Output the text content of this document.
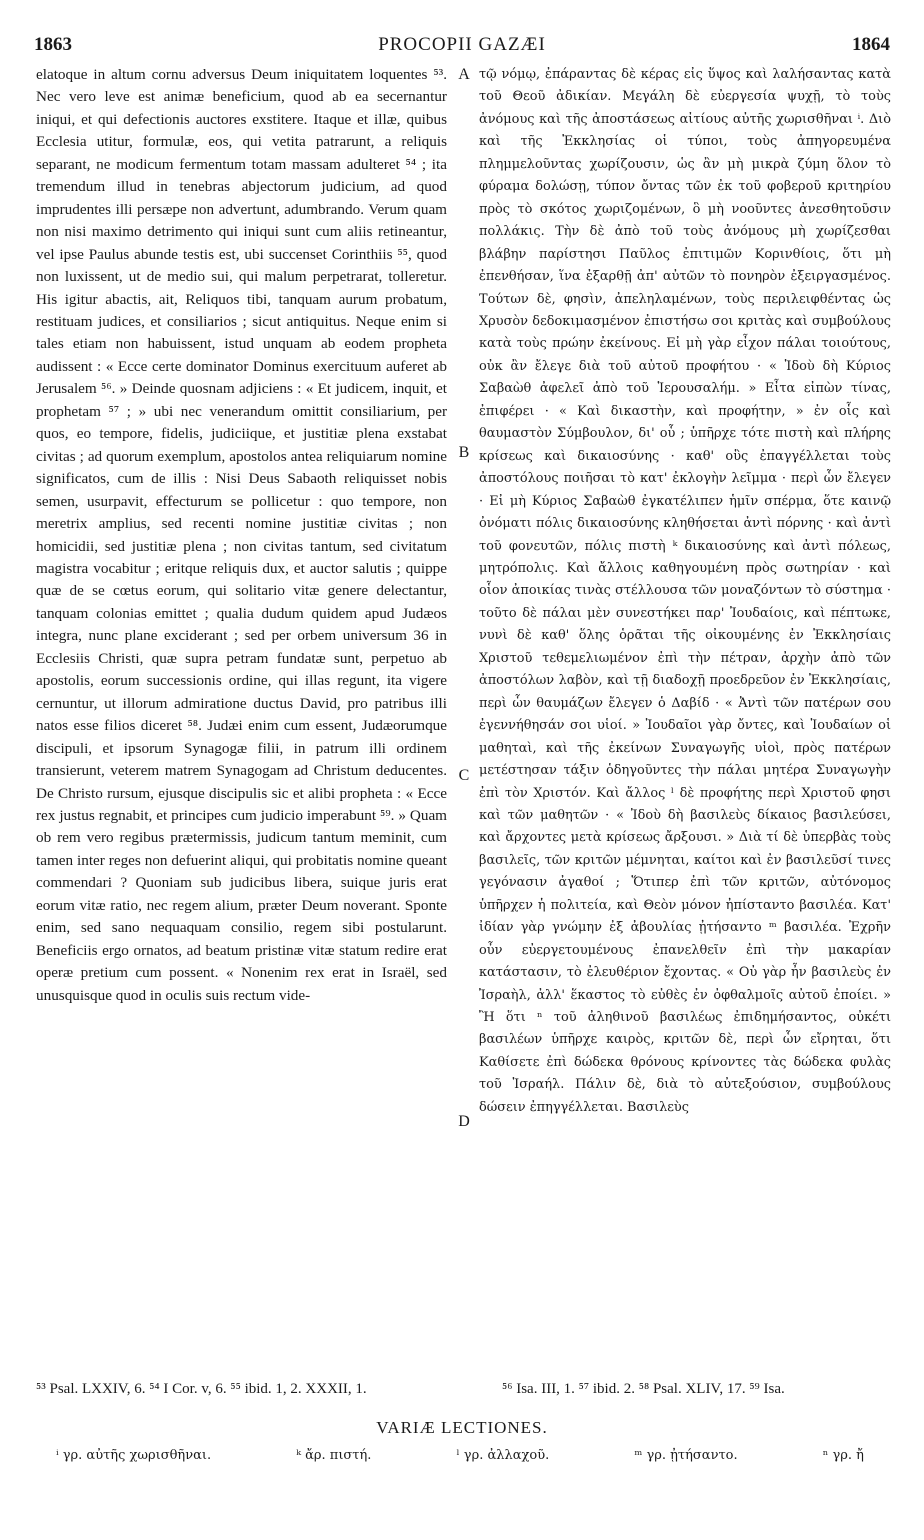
1863	PROCOPII GAZÆI	1864

elatoque in altum cornu adversus Deum iniquitatem loquentes ⁵³. Nec vero leve est animæ beneficium, quod ab ea secernantur iniqui, et qui defectionis auctores exstitere. Itaque et illæ, quibus Ecclesia utitur, formulæ, eos, qui vetita patrarunt, a reliquis separant, ne modicum fermentum totam massam adulteret ⁵⁴ ; ita tremendum illud in tenebras abjectorum judicium, ad quod imprudentes illi persæpe non advertunt, adumbrando. Verum quam non nisi maximo detrimento qui iniqui sunt cum aliis retineantur, vel ipse Paulus abunde testis est, ubi succenset Corinthiis ⁵⁵, quod non luxissent, ut de medio sui, qui malum perpetrarat, tolleretur. His igitur abactis, ait, Reliquos tibi, tanquam aurum probatum, restituam judices, et consiliarios ; sicut antiquitus. Neque enim si tales etiam non habuissent, istud unquam ab eodem propheta audissent : « Ecce certe dominator Dominus exercituum auferet ab Jerusalem ⁵⁶. » Deinde quosnam adjiciens : « Et judicem, inquit, et prophetam ⁵⁷ ; » ubi nec venerandum omittit consiliarium, per quos, eo tempore, fidelis, judiciique, et justitiæ plena exstabat civitas ; ad quorum exemplum, apostolos antea reliquiarum nomine significatos, cum de illis : Nisi Deus Sabaoth reliquisset nobis semen, usurpavit, effecturum se pollicetur : quo tempore, non meretrix amplius, sed recenti nomine justitiæ civitas ; non homicidii, sed justitiæ plena ; non civitas tantum, sed civitatum magistra vocabitur ; eritque reliquis dux, et auctor salutis ; quippe quæ de se cœtus eorum, qui solitario vitæ genere delectantur, tanquam colonias emittet ; qualia dudum quidem apud Judæos integra, nunc plane exciderant ; sed per orbem universum 36 in Ecclesiis Christi, quæ supra petram fundatæ sunt, perpetuo ab apostolis, eorum successionis ordine, qui illas regunt, ita vigere cernuntur, ut illorum admiratione ductus David, pro patribus illi natos esse filios diceret ⁵⁸. Judæi enim cum essent, Judæorumque discipuli, et ipsorum Synagogæ filii, in patrum illi ordinem transierunt, veterem matrem Synagogam ad Christum deducentes. De Christo rursum, ejusque discipulis sic et alibi propheta : « Ecce rex justus regnabit, et principes cum judicio imperabunt ⁵⁹. » Quam ob rem vero regibus prætermissis, judicum tantum meminit, cum tamen inter reges non defuerint aliqui, qui probitatis nomine queant commendari ? Quoniam sub judicibus libera, suique juris erat eorum vitæ ratio, nec regem alium, præter Deum noverant. Sponte enim, sed sano nequaquam consilio, regem sibi postularunt. Beneficiis ergo ornatos, ad beatum pristinæ vitæ statum redire erat operæ pretium cum possent. « Nonenim rex erat in Israël, sed unusquisque quod in oculis suis rectum vide-

A
B
C
D

τῷ νόμῳ, ἐπάραντας δὲ κέρας εἰς ὕψος καὶ λαλήσαντας κατὰ τοῦ Θεοῦ ἀδικίαν. Μεγάλη δὲ εὐεργεσία ψυχῇ, τὸ τοὺς ἀνόμους καὶ τῆς ἀποστάσεως αἰτίους αὐτῆς χωρισθῆναι ⁱ. Διὸ καὶ τῆς Ἐκκλησίας οἱ τύποι, τοὺς ἀπηγορευμένα πλημμελοῦντας χωρίζουσιν, ὡς ἂν μὴ μικρὰ ζύμη ὅλον τὸ φύραμα δολώσῃ, τύπον ὄντας τῶν ἐκ τοῦ φοβεροῦ κριτηρίου πρὸς τὸ σκότος χωριζομένων, ὃ μὴ νοοῦντες ἀνεσθητοῦσιν πολλάκις. Τὴν δὲ ἀπὸ τοῦ τοὺς ἀνόμους μὴ χωρίζεσθαι βλάβην παρίστησι Παῦλος ἐπιτιμῶν Κορινθίοις, ὅτι μὴ ἐπενθήσαν, ἵνα ἐξαρθῇ ἀπ' αὐτῶν τὸ πονηρὸν ἐξειργασμένος. Τούτων δὲ, φησὶν, ἀπεληλαμένων, τοὺς περιλειφθέντας ὡς Χρυσὸν δεδοκιμασμένον ἐπιστήσω σοι κριτὰς καὶ συμβούλους κατὰ τοὺς πρώην ἐκείνους. Εἰ μὴ γὰρ εἶχον πάλαι τοιούτους, οὐκ ἂν ἔλεγε διὰ τοῦ αὐτοῦ προφήτου · « Ἰδοὺ δὴ Κύριος Σαβαὼθ ἀφελεῖ ἀπὸ τοῦ Ἱερουσαλήμ. » Εἶτα εἰπὼν τίνας, ἐπιφέρει · « Καὶ δικαστὴν, καὶ προφήτην, » ἐν οἷς καὶ θαυμαστὸν Σύμβουλον, δι' οὗ ; ὑπῆρχε τότε πιστὴ καὶ πλήρης κρίσεως καὶ δικαιοσύνης · καθ' οὓς ἐπαγγέλλεται τοὺς ἀποστόλους ποιῆσαι τὸ κατ' ἐκλογὴν λεῖμμα · περὶ ὧν ἔλεγεν · Εἰ μὴ Κύριος Σαβαὼθ ἐγκατέλιπεν ἡμῖν σπέρμα, ὅτε καινῷ ὀνόματι πόλις δικαιοσύνης κληθήσεται ἀντὶ πόρνης · καὶ ἀντὶ τοῦ φονευτῶν, πόλις πιστὴ ᵏ δικαιοσύνης καὶ ἀντὶ πόλεως, μητρόπολις. Καὶ ἄλλοις καθηγουμένη πρὸς σωτηρίαν · καὶ οἷον ἀποικίας τινὰς στέλλουσα τῶν μοναζόντων τὸ σύστημα · τοῦτο δὲ πάλαι μὲν συνεστήκει παρ' Ἰουδαίοις, καὶ πέπτωκε, νυνὶ δὲ καθ' ὅλης ὁρᾶται τῆς οἰκουμένης ἐν Ἐκκλησίαις Χριστοῦ τεθεμελιωμένον ἐπὶ τὴν πέτραν, ἀρχὴν ἀπὸ τῶν ἀποστόλων λαβὸν, καὶ τῇ διαδοχῇ προεδρεῦον ἐν Ἐκκλησίαις, περὶ ὧν θαυμάζων ἔλεγεν ὁ Δαβίδ · « Ἀντὶ τῶν πατέρων σου ἐγεννήθησάν σοι υἱοί. » Ἰουδαῖοι γὰρ ὄντες, καὶ Ἰουδαίων οἱ μαθηταὶ, καὶ τῆς ἐκείνων Συναγωγῆς υἱοὶ, πρὸς πατέρων μετέστησαν τάξιν ὁδηγοῦντες τὴν πάλαι μητέρα Συναγωγὴν ἐπὶ τὸν Χριστόν. Καὶ ἄλλος ˡ δὲ προφήτης περὶ Χριστοῦ φησι καὶ τῶν μαθητῶν · « Ἰδοὺ δὴ βασιλεὺς δίκαιος βασιλεύσει, καὶ ἄρχοντες μετὰ κρίσεως ἄρξουσι. » Διὰ τί δὲ ὑπερβὰς τοὺς βασιλεῖς, τῶν κριτῶν μέμνηται, καίτοι καὶ ἐν βασιλεῦσί τινες γεγόνασιν ἀγαθοί ; Ὅτιπερ ἐπὶ τῶν κριτῶν, αὐτόνομος ὑπῆρχεν ἡ πολιτεία, καὶ Θεὸν μόνον ἠπίσταντο βασιλέα. Κατ' ἰδίαν γὰρ γνώμην ἐξ ἀβουλίας ᾐτήσαντο ᵐ βασιλέα. Ἐχρῆν οὖν εὐεργετουμένους ἐπανελθεῖν ἐπὶ τὴν μακαρίαν κατάστασιν, τὸ ἐλευθέριον ἔχοντας. « Οὐ γὰρ ἦν βασιλεὺς ἐν Ἰσραὴλ, ἀλλ' ἕκαστος τὸ εὐθὲς ἐν ὀφθαλμοῖς αὐτοῦ ἐποίει. » Ἢ ὅτι ⁿ τοῦ ἀληθινοῦ βασιλέως ἐπιδημήσαντος, οὐκέτι βασιλέων ὑπῆρχε καιρὸς, κριτῶν δὲ, περὶ ὧν εἴρηται, ὅτι Καθίσετε ἐπὶ δώδεκα θρόνους κρίνοντες τὰς δώδεκα φυλὰς τοῦ Ἰσραήλ. Πάλιν δὲ, διὰ τὸ αὐτεξούσιον, συμβούλους δώσειν ἐπηγγέλλεται. Βασιλεὺς

⁵³ Psal. LXXIV, 6. ⁵⁴ I Cor. v, 6. ⁵⁵ ibid. 1, 2. XXXII, 1.	⁵⁶ Isa. III, 1. ⁵⁷ ibid. 2. ⁵⁸ Psal. XLIV, 17. ⁵⁹ Isa.
VARIÆ LECTIONES.
ⁱ γρ. αὐτῆς χωρισθῆναι.	ᵏ ἄρ. πιστή.	ˡ γρ. ἀλλαχοῦ.	ᵐ γρ. ᾐτήσαντο.	ⁿ γρ. ἤ
